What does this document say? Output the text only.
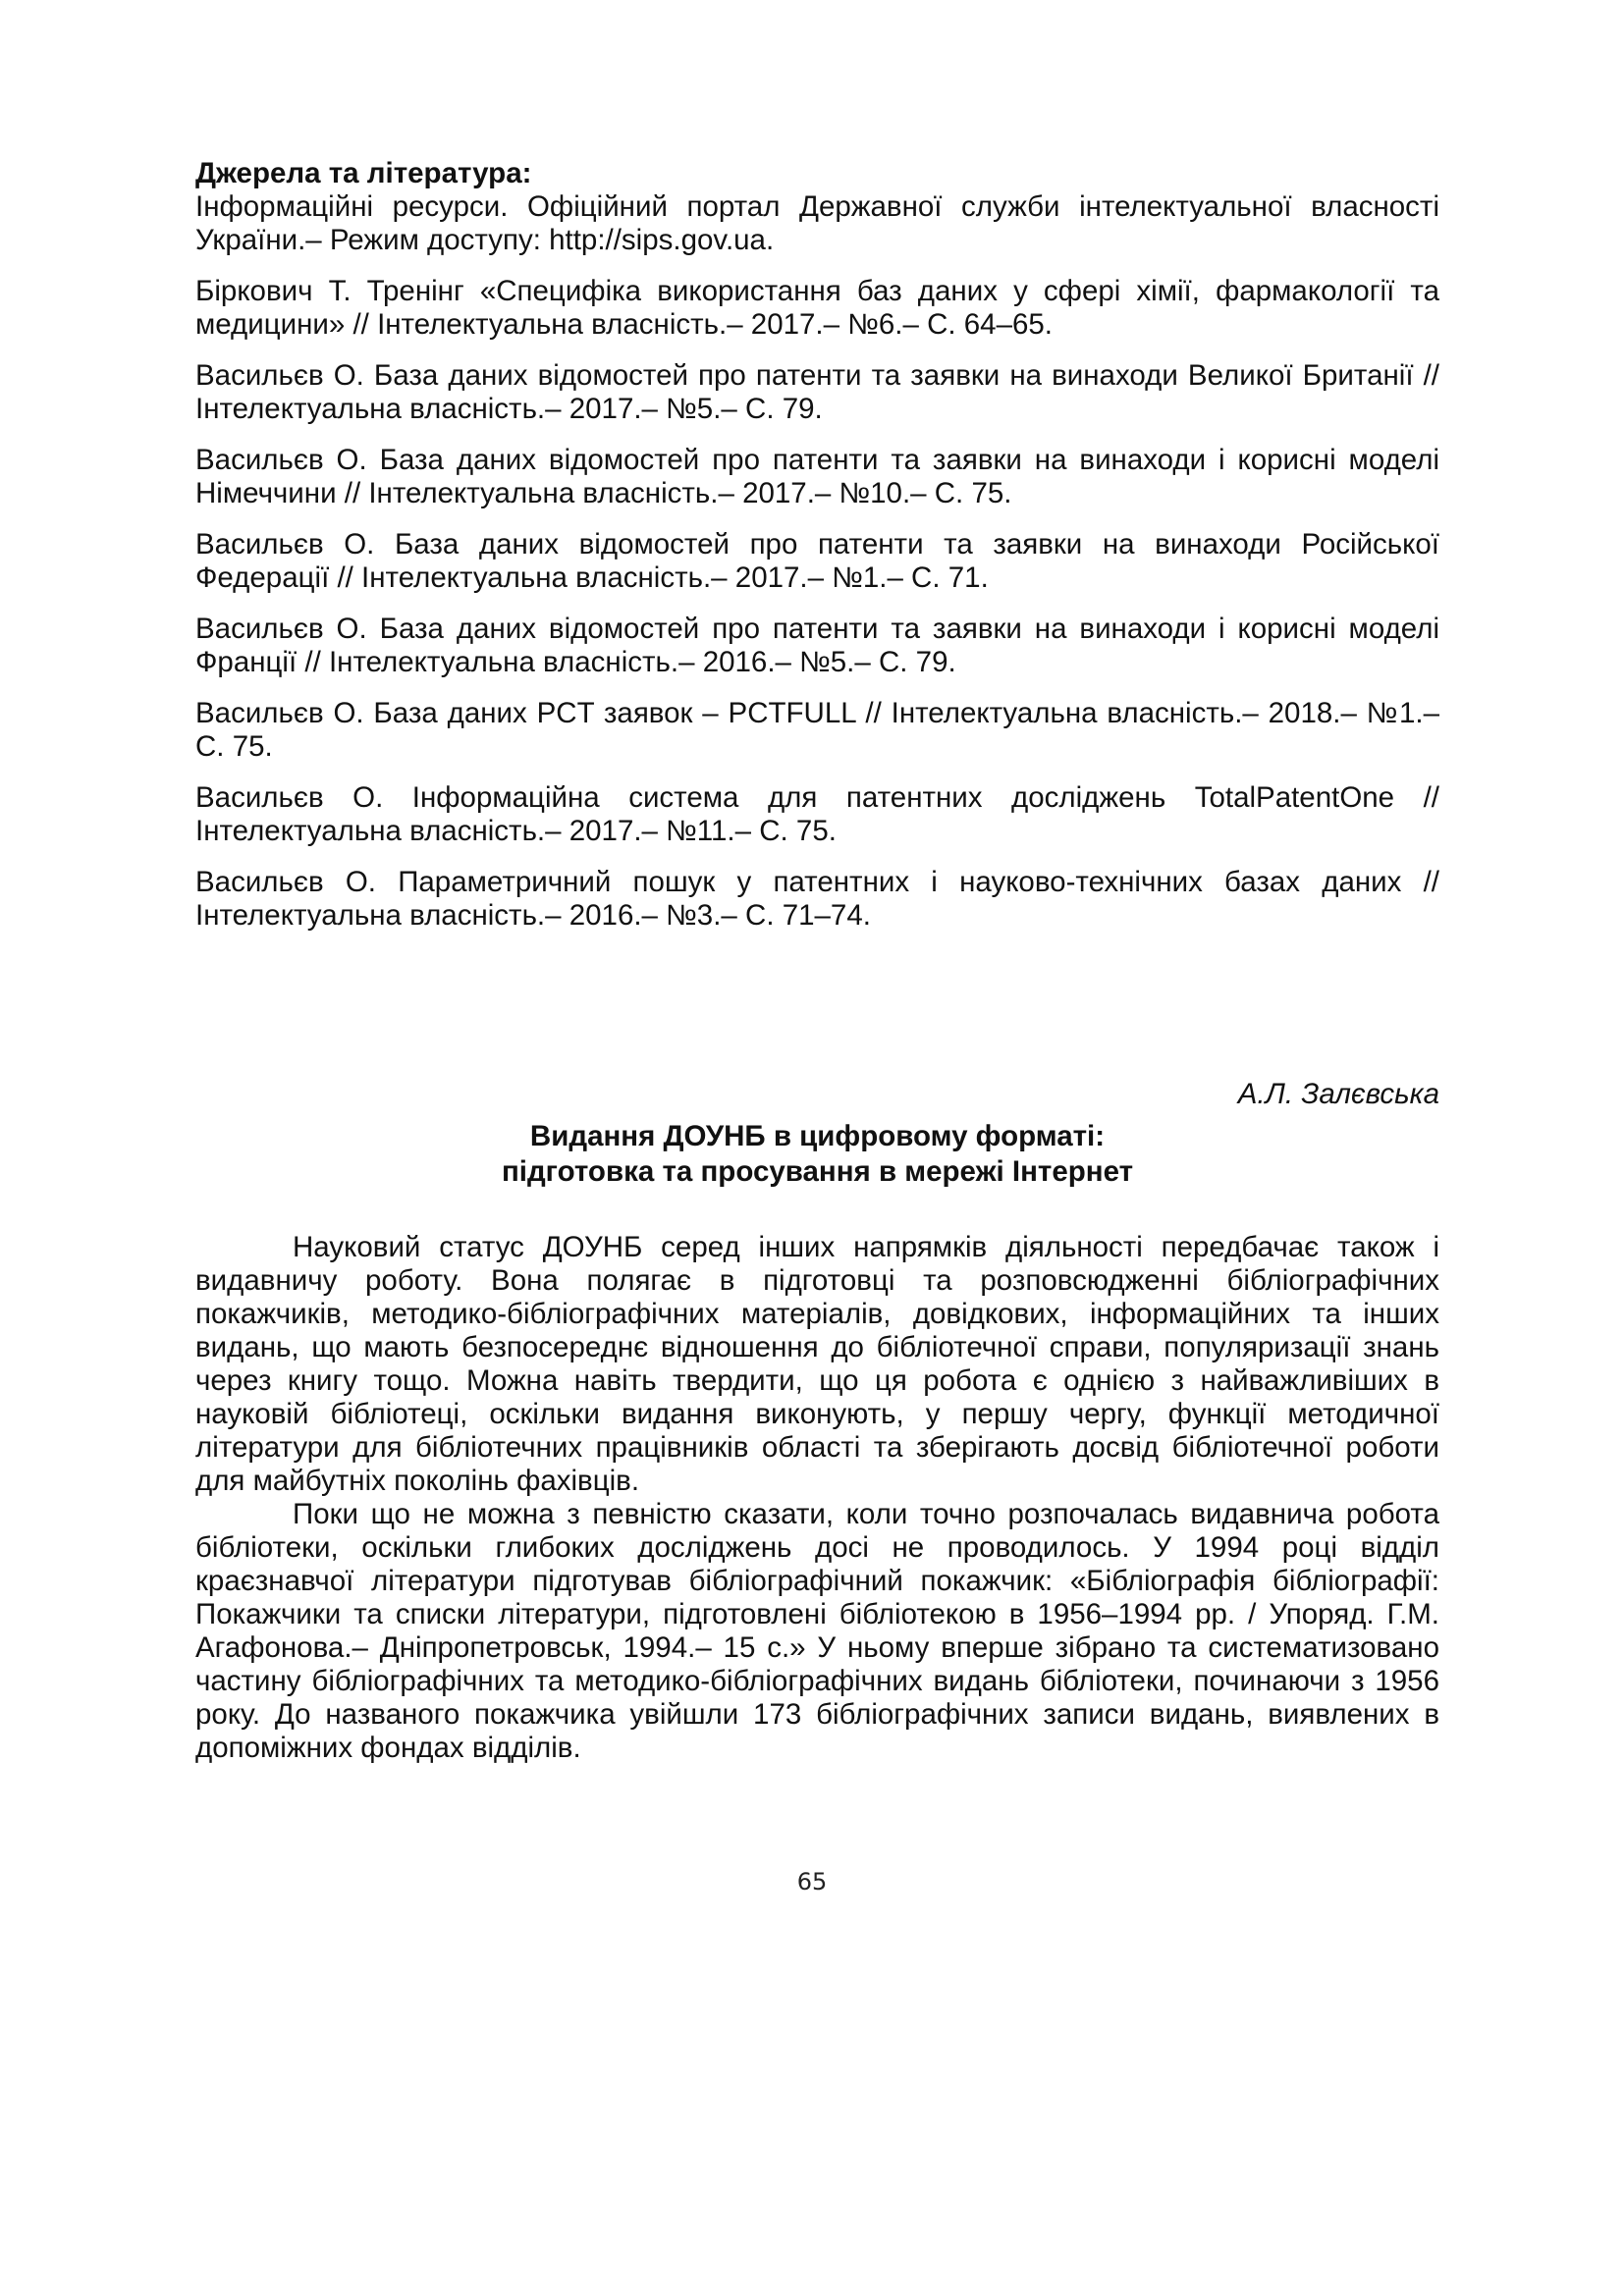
Джерела та література:

Інформаційні ресурси. Офіційний портал Державної служби інтелектуальної власності України.– Режим доступу: http://sips.gov.ua.

Біркович Т. Тренінг «Специфіка використання баз даних у сфері хімії, фармакології та медицини» // Інтелектуальна власність.– 2017.– №6.– С. 64–65.

Васильєв О. База даних відомостей про патенти та заявки на винаходи Великої Британії // Інтелектуальна власність.– 2017.– №5.– С. 79.

Васильєв О. База даних відомостей про патенти та заявки на винаходи і корисні моделі Німеччини // Інтелектуальна власність.– 2017.– №10.– С. 75.

Васильєв О. База даних відомостей про патенти та заявки на винаходи Російської Федерації // Інтелектуальна власність.– 2017.– №1.– С. 71.

Васильєв О. База даних відомостей про патенти та заявки на винаходи і корисні моделі Франції // Інтелектуальна власність.– 2016.– №5.– С. 79.

Васильєв О. База даних PCT заявок – PCTFULL // Інтелектуальна власність.– 2018.– №1.– С. 75.

Васильєв О. Інформаційна система для патентних досліджень TotalPatentOne // Інтелектуальна власність.– 2017.– №11.– С. 75.

Васильєв О. Параметричний пошук у патентних і науково-технічних базах даних // Інтелектуальна власність.– 2016.– №3.– С. 71–74.

А.Л. Залєвська

Видання ДОУНБ в цифровому форматі:
підготовка та просування в мережі Інтернет

Науковий статус ДОУНБ серед інших напрямків діяльності передбачає також і видавничу роботу. Вона полягає в підготовці та розповсюдженні бібліографічних покажчиків, методико-бібліографічних матеріалів, довідкових, інформаційних та інших видань, що мають безпосереднє відношення до бібліотечної справи, популяризації знань через книгу тощо. Можна навіть твердити, що ця робота є однією з найважливіших в науковій бібліотеці, оскільки видання виконують, у першу чергу, функції методичної літератури для бібліотечних працівників області та зберігають досвід бібліотечної роботи для майбутніх поколінь фахівців.

Поки що не можна з певністю сказати, коли точно розпочалась видавнича робота бібліотеки, оскільки глибоких досліджень досі не проводилось. У 1994 році відділ краєзнавчої літератури підготував бібліографічний покажчик: «Бібліографія бібліографії: Покажчики та списки літератури, підготовлені бібліотекою в 1956–1994 рр. / Упоряд. Г.М. Агафонова.– Дніпропетровськ, 1994.– 15 с.» У ньому вперше зібрано та систематизовано частину бібліографічних та методико-бібліографічних видань бібліотеки, починаючи з 1956 року. До названого покажчика увійшли 173 бібліографічних записи видань, виявлених в допоміжних фондах відділів.

65
